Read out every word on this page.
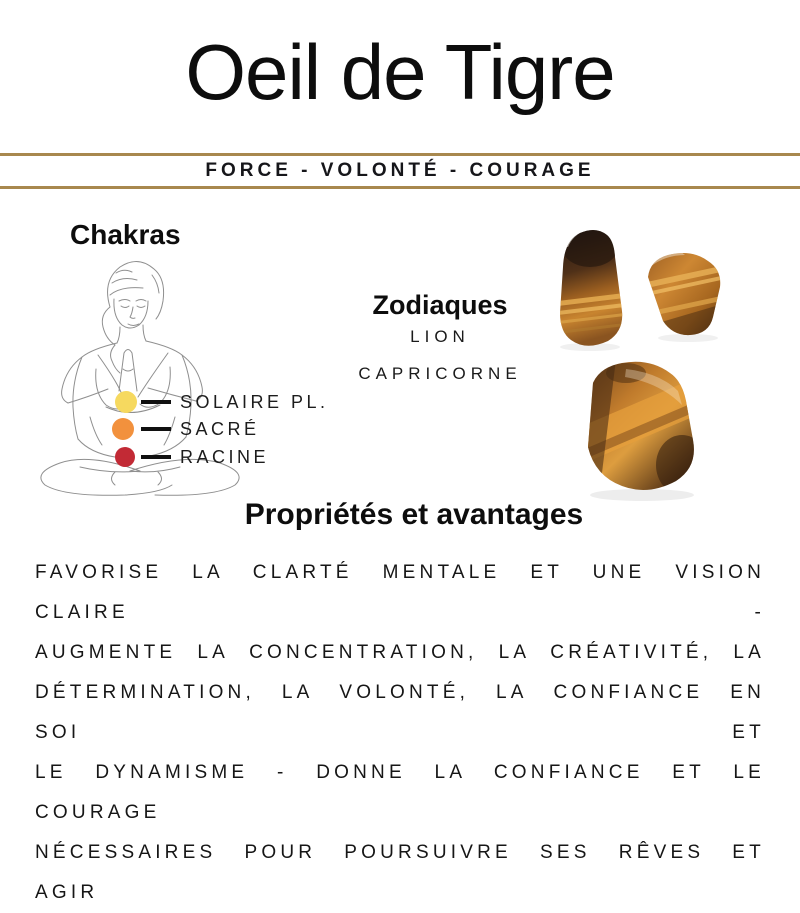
Oeil de Tigre
FORCE - VOLONTÉ - COURAGE
Chakras
SOLAIRE PL.
SACRÉ
RACINE
Zodiaques
LION
CAPRICORNE
Propriétés et avantages
FAVORISE LA CLARTÉ MENTALE ET UNE VISION CLAIRE -
AUGMENTE LA CONCENTRATION, LA CRÉATIVITÉ, LA
DÉTERMINATION, LA VOLONTÉ, LA CONFIANCE EN SOI ET
LE DYNAMISME - DONNE LA CONFIANCE ET LE COURAGE
NÉCESSAIRES POUR POURSUIVRE SES RÊVES ET AGIR
